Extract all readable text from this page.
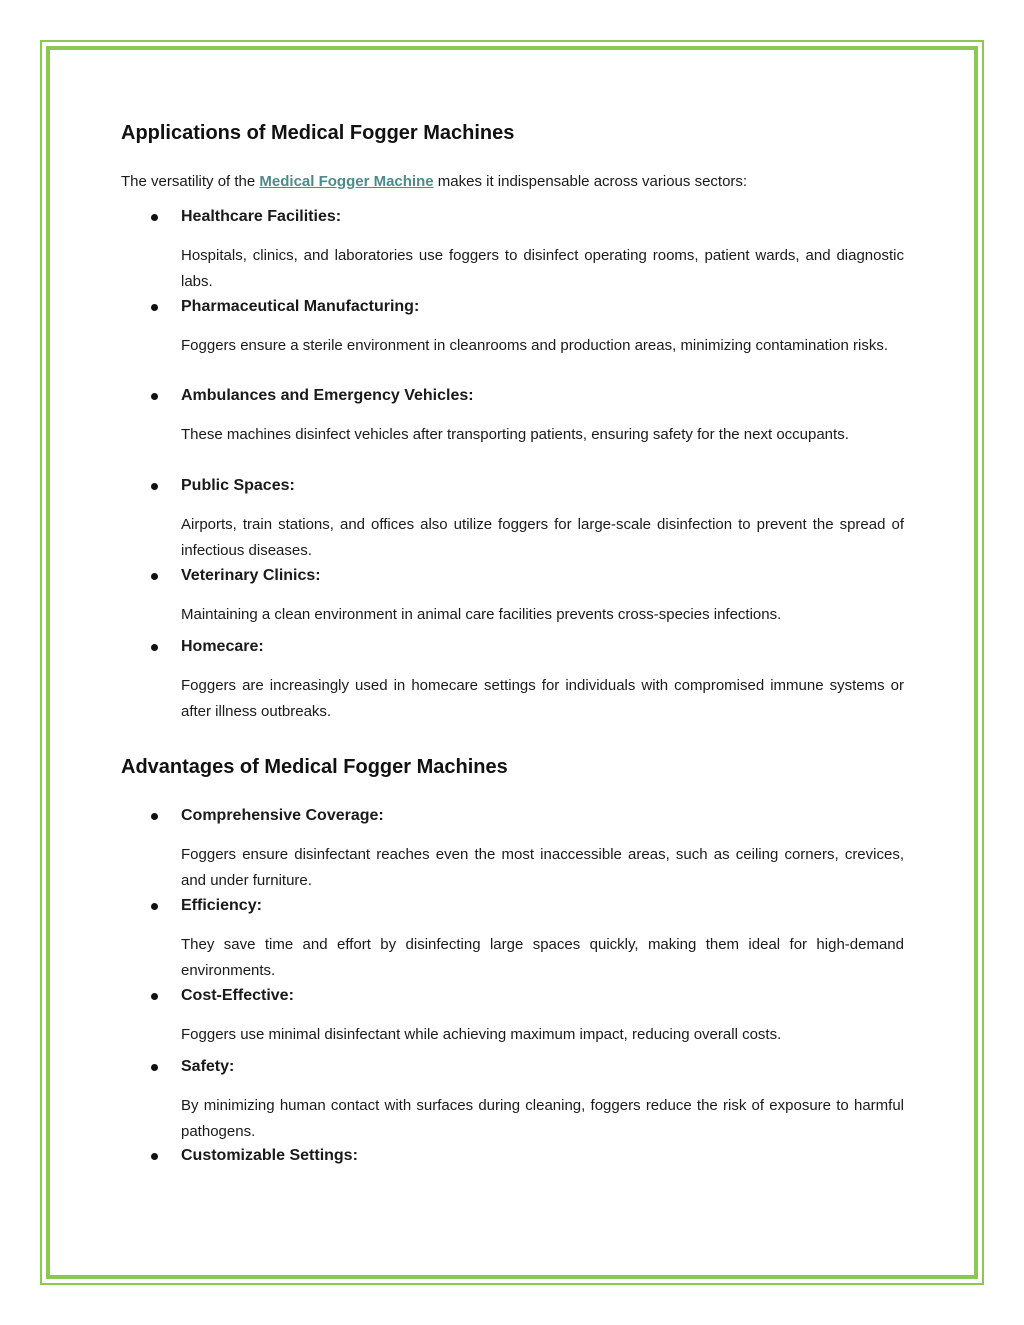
Applications of Medical Fogger Machines

The versatility of the Medical Fogger Machine makes it indispensable across various sectors:

Healthcare Facilities:

Hospitals, clinics, and laboratories use foggers to disinfect operating rooms, patient wards, and diagnostic labs.

Pharmaceutical Manufacturing:

Foggers ensure a sterile environment in cleanrooms and production areas, minimizing contamination risks.

Ambulances and Emergency Vehicles:

These machines disinfect vehicles after transporting patients, ensuring safety for the next occupants.

Public Spaces:

Airports, train stations, and offices also utilize foggers for large-scale disinfection to prevent the spread of infectious diseases.

Veterinary Clinics:

Maintaining a clean environment in animal care facilities prevents cross-species infections.

Homecare:

Foggers are increasingly used in homecare settings for individuals with compromised immune systems or after illness outbreaks.

Advantages of Medical Fogger Machines

Comprehensive Coverage:

Foggers ensure disinfectant reaches even the most inaccessible areas, such as ceiling corners, crevices, and under furniture.

Efficiency:

They save time and effort by disinfecting large spaces quickly, making them ideal for high-demand environments.

Cost-Effective:

Foggers use minimal disinfectant while achieving maximum impact, reducing overall costs.

Safety:

By minimizing human contact with surfaces during cleaning, foggers reduce the risk of exposure to harmful pathogens.

Customizable Settings:
